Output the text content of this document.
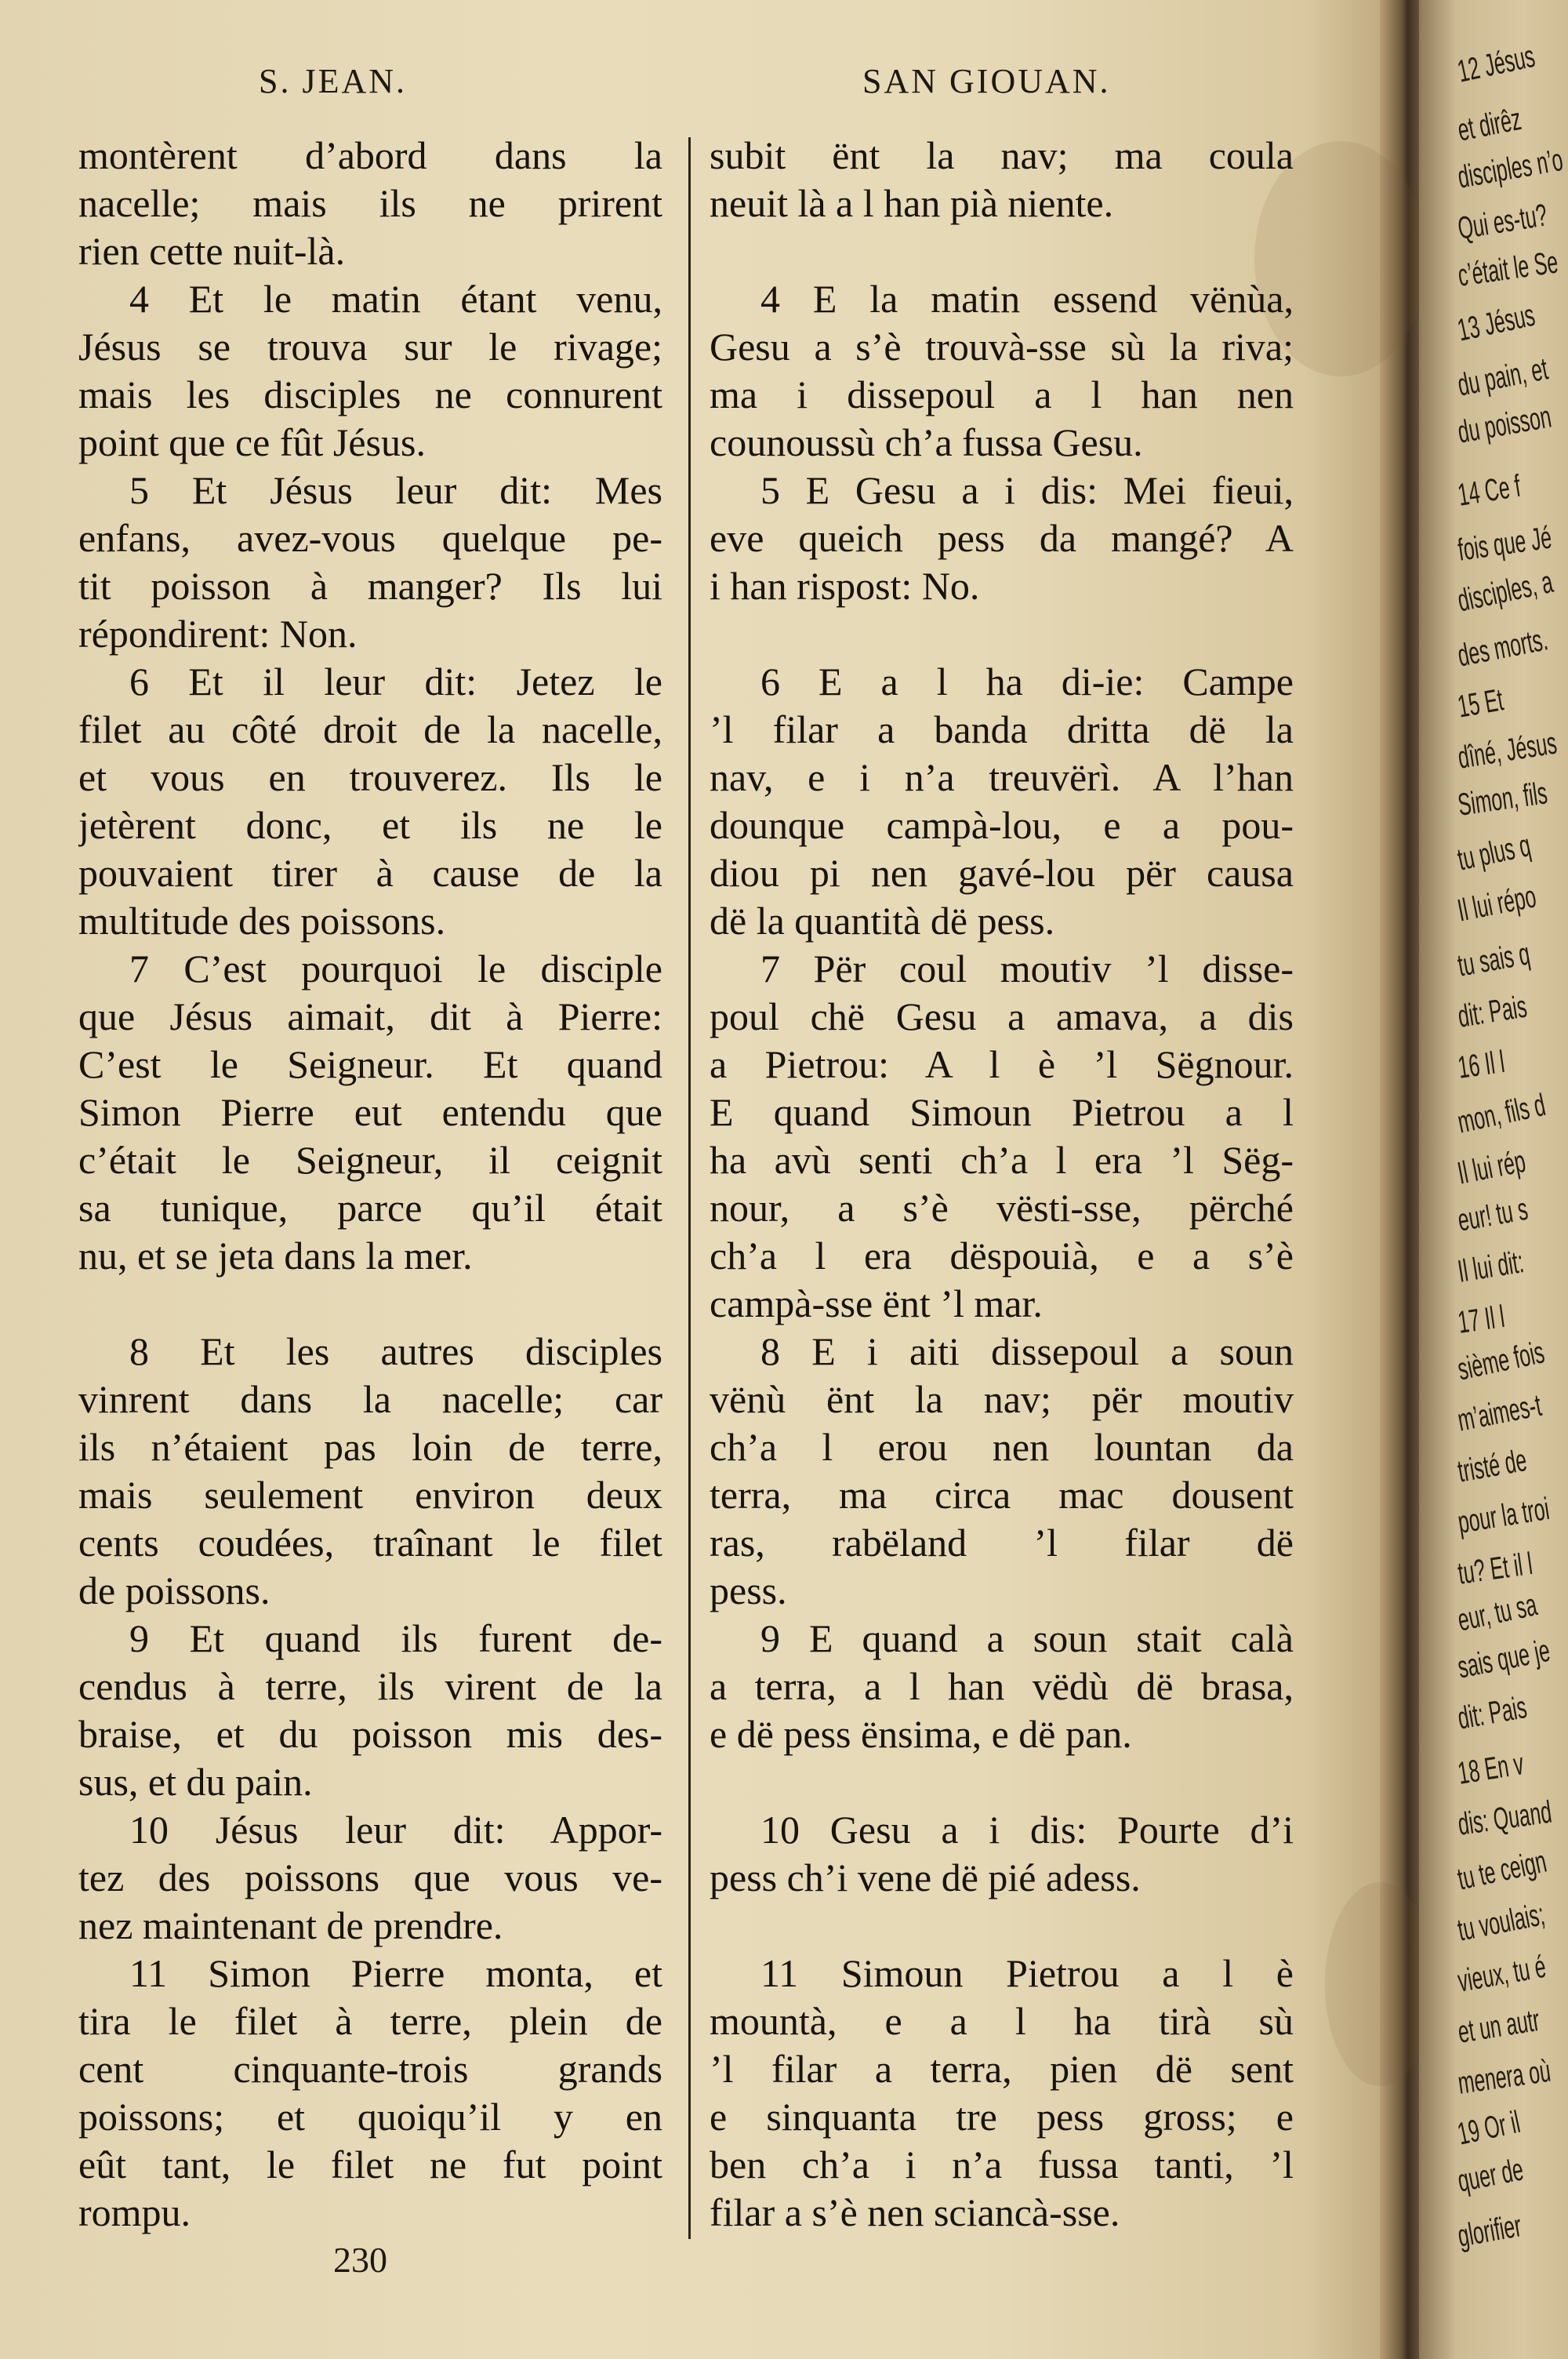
S. JEAN.	SAN GIOUAN.
montèrent d’abord dans la
nacelle; mais ils ne prirent
rien cette nuit-là.
4 Et le matin étant venu,
Jésus se trouva sur le rivage;
mais les disciples ne connurent
point que ce fût Jésus.
5 Et Jésus leur dit: Mes
enfans, avez-vous quelque pe-
tit poisson à manger? Ils lui
répondirent: Non.
6 Et il leur dit: Jetez le
filet au côté droit de la nacelle,
et vous en trouverez. Ils le
jetèrent donc, et ils ne le
pouvaient tirer à cause de la
multitude des poissons.
7 C’est pourquoi le disciple
que Jésus aimait, dit à Pierre:
C’est le Seigneur. Et quand
Simon Pierre eut entendu que
c’était le Seigneur, il ceignit
sa tunique, parce qu’il était
nu, et se jeta dans la mer.
8 Et les autres disciples
vinrent dans la nacelle; car
ils n’étaient pas loin de terre,
mais seulement environ deux
cents coudées, traînant le filet
de poissons.
9 Et quand ils furent de-
cendus à terre, ils virent de la
braise, et du poisson mis des-
sus, et du pain.
10 Jésus leur dit: Appor-
tez des poissons que vous ve-
nez maintenant de prendre.
11 Simon Pierre monta, et
tira le filet à terre, plein de
cent cinquante-trois grands
poissons; et quoiqu’il y en
eût tant, le filet ne fut point
rompu.
subit ënt la nav; ma coula
neuit là a l han pià niente.
4 E la matin essend vënùa,
Gesu a s’è trouvà-sse sù la riva;
ma i dissepoul a l han nen
counoussù ch’a fussa Gesu.
5 E Gesu a i dis: Mei fieui,
eve queich pess da mangé? A
i han rispost: No.
6 E a l ha di-ie: Campe
’l filar a banda dritta dë la
nav, e i n’a treuvërì. A l’han
dounque campà-lou, e a pou-
diou pi nen gavé-lou për causa
dë la quantità dë pess.
7 Për coul moutiv ’l disse-
poul chë Gesu a amava, a dis
a Pietrou: A l è ’l Sëgnour.
E quand Simoun Pietrou a l
ha avù senti ch’a l era ’l Sëg-
nour, a s’è vësti-sse, përché
ch’a l era dëspouià, e a s’è
campà-sse ënt ’l mar.
8 E i aiti dissepoul a soun
vënù ënt la nav; për moutiv
ch’a l erou nen lountan da
terra, ma circa mac dousent
ras, rabëland ’l filar dë
pess.
9 E quand a soun stait calà
a terra, a l han vëdù dë brasa,
e dë pess ënsima, e dë pan.
10 Gesu a i dis: Pourte d’i
pess ch’i vene dë pié adess.
11 Simoun Pietrou a l è
mountà, e a l ha tirà sù
’l filar a terra, pien dë sent
e sinquanta tre pess gross; e
ben ch’a i n’a fussa tanti, ’l
filar a s’è nen sciancà-sse.
230
12 Jésus
et dirêz
disciples n’o
Qui es-tu?
c’était le Se
13 Jésus
du pain, et
du poisson
14 Ce f
fois que Jé
disciples, a
des morts.
15 Et
dîné, Jésus
Simon, fils
tu plus q
Il lui répo
tu sais q
dit: Pais
16 Il l
mon, fils d
Il lui rép
eur! tu s
Il lui dit:
17 Il l
sième fois
m’aimes-t
tristé de
pour la troi
tu? Et il l
eur, tu sa
sais que je
dit: Pais
18 En v
dis: Quand
tu te ceign
tu voulais;
vieux, tu é
et un autr
menera où
19 Or il
quer de
glorifier
